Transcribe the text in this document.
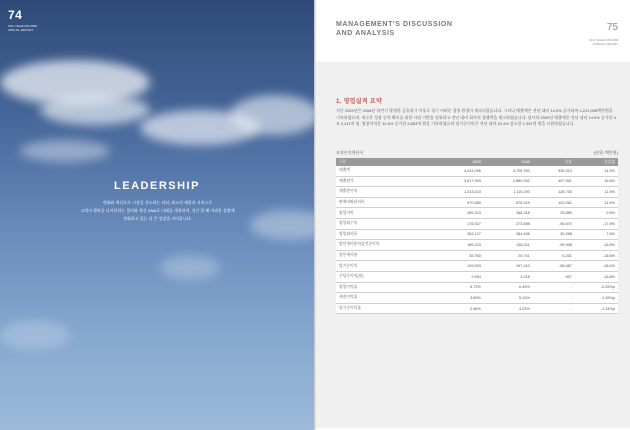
74
SKC TELECOM 2009 ANNUAL REPORT
LEADERSHIP
변화와 혁신으로 시장을 선도하는 리더, 최고의 제품과 서비스로
고객이 행복을 디자인하는 창의와 혁신 DNA로 미래를 개척하며, 지난 한 해 어려운 상황에
변화하고 있는 더 큰 성장을 이어갑니다.
MANAGEMENT'S DISCUSSION
AND ANALYSIS
75
SKC TELECOM 2009 ANNUAL REPORT
1. 영업실적 요약
지난 2009년은 2008년 하반기 발생한 금융위기 이후로 경기 어려운 경영 환경이 계속되었습니다. 그러나 매출액은 전년 대비 14.5% 증가하여 4,241,096백만원을 기록하였으며, 새로운 성장 동력 확보를 위한 사업 기반을 강화하고 전년 대비 회사의 경쟁력을 제고하였습니다. 당사의 2009년 매출액은 전년 대비 14.5% 증가한 4조 2,411억 원, 영업이익은 10.6% 증가한 2,853억 원을 기록하였으며 당기순이익은 전년 대비 10.4% 감소한 1,391억 원을 시현하였습니다.
요약손익계산서	(단위: 백만원)
구분	2009	2008	증감	증감률
매출액	4,241,096	3,705,783	535,313	14.5%
매출원가	3,617,993	2,880,092	407,901	16.6%
매출총이익	1,243,103	1,115,293	128,730	11.5%
판매비와관리비	970,080	876,019	102,061	11.6%
영업이익	285,323	268,318	25,689	9.5%
영업외수익	176,927	273,598	-96,670	-17.8%
영업외비용	283,127	384,408	30,288	7.8%
법인세비용차감전순이익	185,223	180,211	-95,938	-18.6%
법인세비용	35,760	29,741	6,251	-18.5%
당기순이익	139,093	197,410	-58,487	-18.4%
주당순이익(원)	2,954	3,218	-907	-18.8%
영업이익률	6.72%	6.49%	-	-0.25%p
세전이익률	3.69%	5.13%	-	-1.45%p
당기순이익률	2.86%	4.23%	-	-1.34%p
